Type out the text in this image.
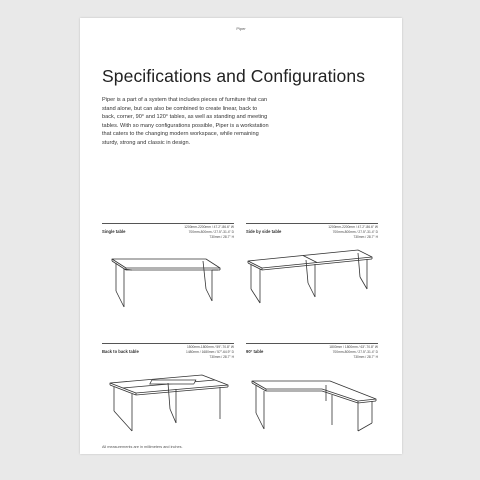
Piper
Specifications and Configurations
Piper is a part of a system that includes pieces of furniture that can stand alone, but can also be combined to create linear, back to back, corner, 90° and 120° tables, as well as standing and meeting tables. With so many configurations possible, Piper is a workstation that caters to the changing modern workspace, while remaining sturdy, strong and classic in design.
Single table
1200mm-2200mm / 47.2"-86.6" W
700mm-800mm / 27.5"-31.4" D
730mm / 28.7" H
Side by side table
1200mm-2200mm / 47.2"-86.6" W
700mm-800mm / 27.5"-31.4" D
730mm / 28.7" H
Back to back table
1500mm-1800mm / 59"-70.8" W
1480mm / 1680mm / 57"-64.9" D
730mm / 28.7" H
90° table
1800mm / 1800mm / 63"-70.8" W
700mm-800mm / 27.5"-31.4" D
730mm / 28.7" H
All measurements are in millimeters and inches.
